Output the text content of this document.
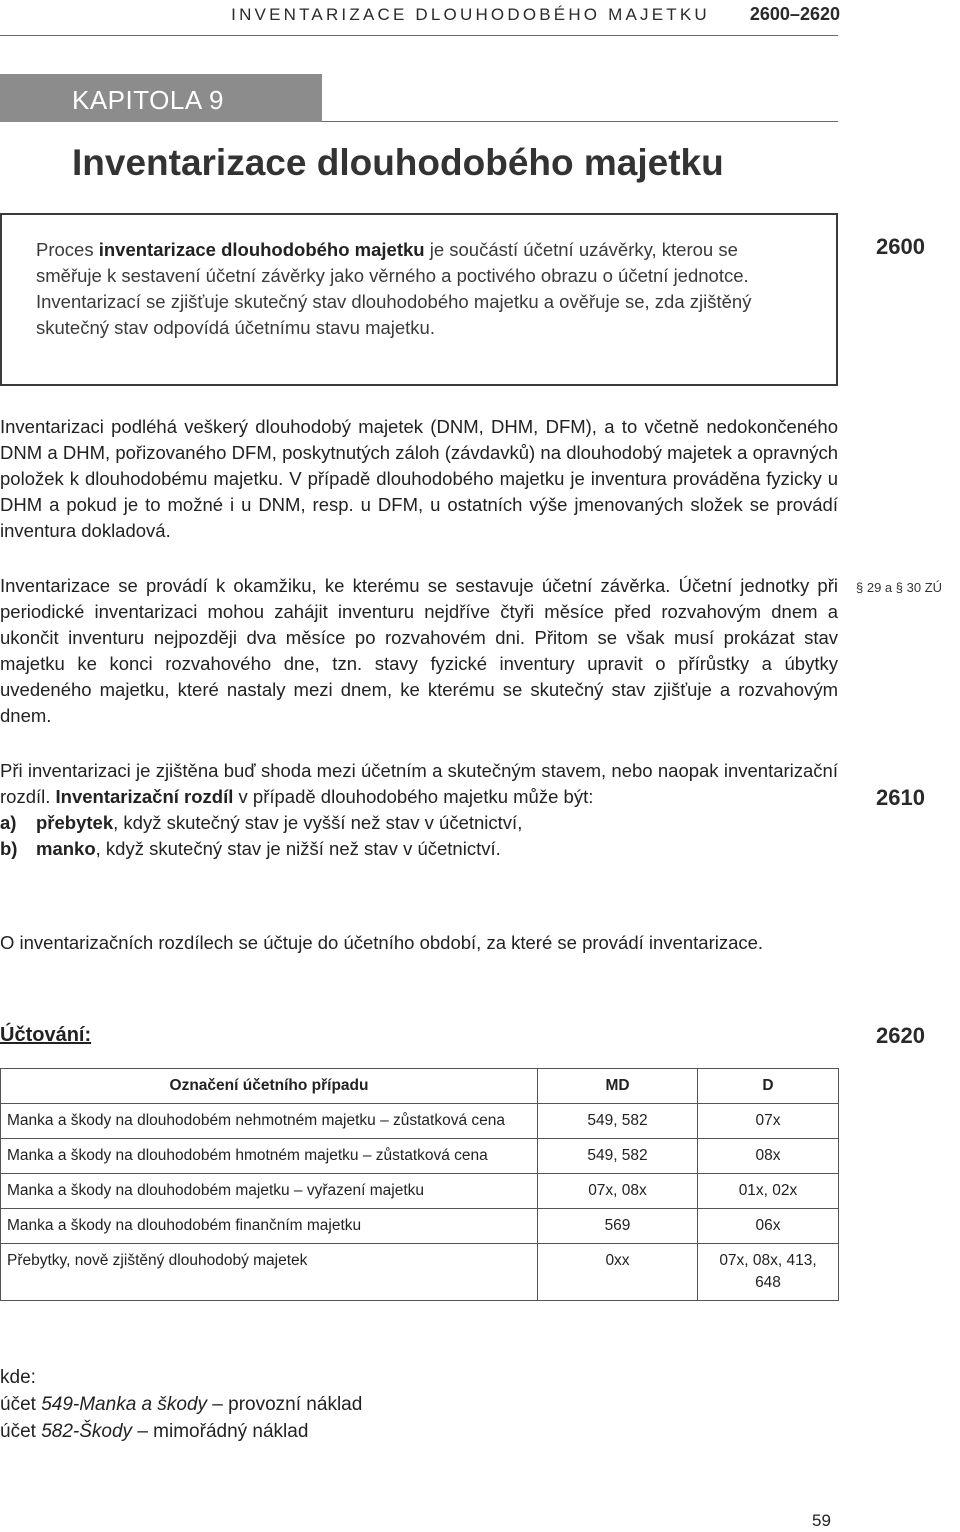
INVENTARIZACE DLOUHODOBÉHO MAJETKU 2600–2620
KAPITOLA 9
Inventarizace dlouhodobého majetku
Proces inventarizace dlouhodobého majetku je součástí účetní uzávěrky, kterou se směřuje k sestavení účetní závěrky jako věrného a poctivého obrazu o účetní jednotce. Inventarizací se zjišťuje skutečný stav dlouhodobého majetku a ověřuje se, zda zjištěný skutečný stav odpovídá účetnímu stavu majetku.
2600

Inventarizaci podléhá veškerý dlouhodobý majetek (DNM, DHM, DFM), a to včetně nedokončeného DNM a DHM, pořizovaného DFM, poskytnutých záloh (závdavků) na dlouhodobý majetek a opravných položek k dlouhodobému majetku. V případě dlouhodobého majetku je inventura prováděna fyzicky u DHM a pokud je to možné i u DNM, resp. u DFM, u ostatních výše jmenovaných složek se provádí inventura dokladová.

Inventarizace se provádí k okamžiku, ke kterému se sestavuje účetní závěrka. Účetní jednotky při periodické inventarizaci mohou zahájit inventuru nejdříve čtyři měsíce před rozvahovým dnem a ukončit inventuru nejpozději dva měsíce po rozvahovém dni. Přitom se však musí prokázat stav majetku ke konci rozvahového dne, tzn. stavy fyzické inventury upravit o přírůstky a úbytky uvedeného majetku, které nastaly mezi dnem, ke kterému se skutečný stav zjišťuje a rozvahovým dnem.

§ 29 a § 30 ZÚ

Při inventarizaci je zjištěna buď shoda mezi účetním a skutečným stavem, nebo naopak inventarizační rozdíl. Inventarizační rozdíl v případě dlouhodobého majetku může být:

a) přebytek, když skutečný stav je vyšší než stav v účetnictví,
b) manko, když skutečný stav je nižší než stav v účetnictví.
2610

O inventarizačních rozdílech se účtuje do účetního období, za které se provádí inventarizace.

Účtování:	2620
Označení účetního případu	MD	D
Manka a škody na dlouhodobém nehmotném majetku – zůstatková cena	549, 582	07x
Manka a škody na dlouhodobém hmotném majetku – zůstatková cena	549, 582	08x
Manka a škody na dlouhodobém majetku – vyřazení majetku	07x, 08x	01x, 02x
Manka a škody na dlouhodobém finančním majetku	569	06x
Přebytky, nově zjištěný dlouhodobý majetek	0xx	07x, 08x, 413, 648
kde:
účet 549-Manka a škody – provozní náklad
účet 582-Škody – mimořádný náklad
59
